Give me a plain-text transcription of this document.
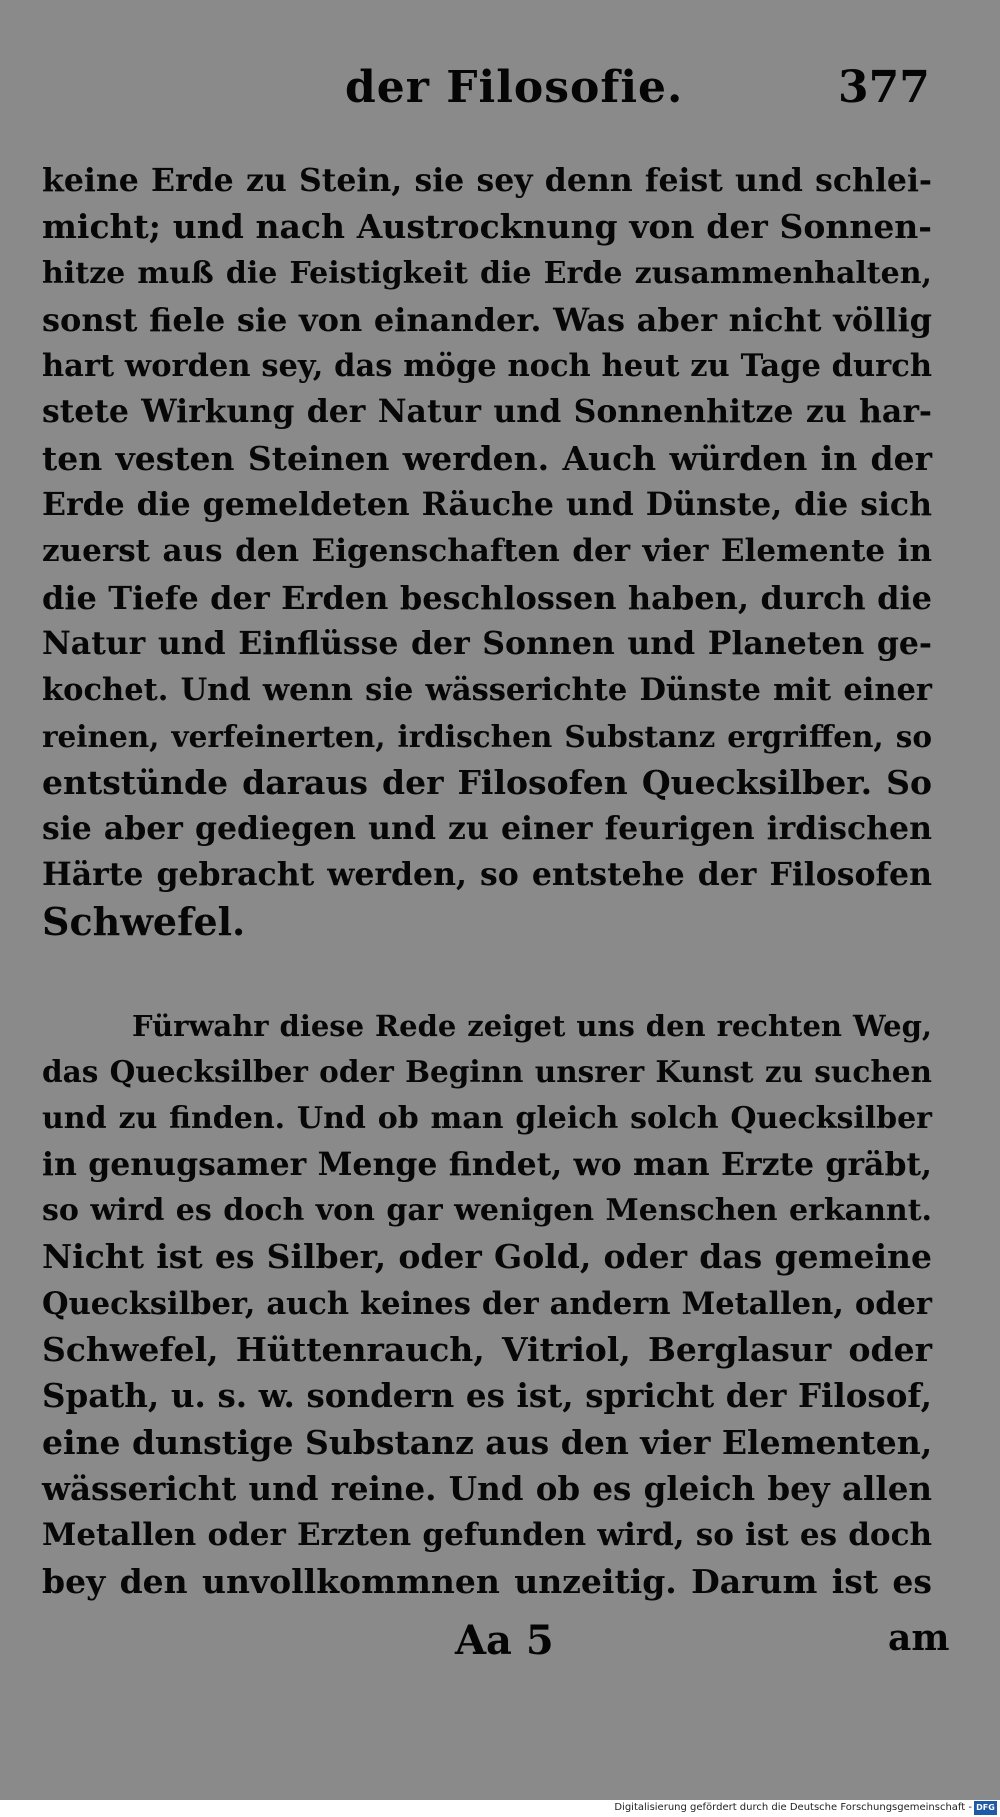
der Filosofie.	377
keine Erde zu Stein, sie sey denn feist und schlei-
micht; und nach Austrocknung von der Sonnen-
hitze muß die Feistigkeit die Erde zusammenhalten,
sonst fiele sie von einander. Was aber nicht völlig
hart worden sey, das möge noch heut zu Tage durch
stete Wirkung der Natur und Sonnenhitze zu har-
ten vesten Steinen werden. Auch würden in der
Erde die gemeldeten Räuche und Dünste, die sich
zuerst aus den Eigenschaften der vier Elemente in
die Tiefe der Erden beschlossen haben, durch die
Natur und Einflüsse der Sonnen und Planeten ge-
kochet. Und wenn sie wässerichte Dünste mit einer
reinen, verfeinerten, irdischen Substanz ergriffen, so
entstünde daraus der Filosofen Quecksilber. So
sie aber gediegen und zu einer feurigen irdischen
Härte gebracht werden, so entstehe der Filosofen
Schwefel.
Fürwahr diese Rede zeiget uns den rechten Weg,
das Quecksilber oder Beginn unsrer Kunst zu suchen
und zu finden. Und ob man gleich solch Quecksilber
in genugsamer Menge findet, wo man Erzte gräbt,
so wird es doch von gar wenigen Menschen erkannt.
Nicht ist es Silber, oder Gold, oder das gemeine
Quecksilber, auch keines der andern Metallen, oder
Schwefel, Hüttenrauch, Vitriol, Berglasur oder
Spath, u. s. w. sondern es ist, spricht der Filosof,
eine dunstige Substanz aus den vier Elementen,
wässericht und reine. Und ob es gleich bey allen
Metallen oder Erzten gefunden wird, so ist es doch
bey den unvollkommnen unzeitig. Darum ist es
Aa 5	am
Digitalisierung gefördert durch die Deutsche Forschungsgemeinschaft - DFG
